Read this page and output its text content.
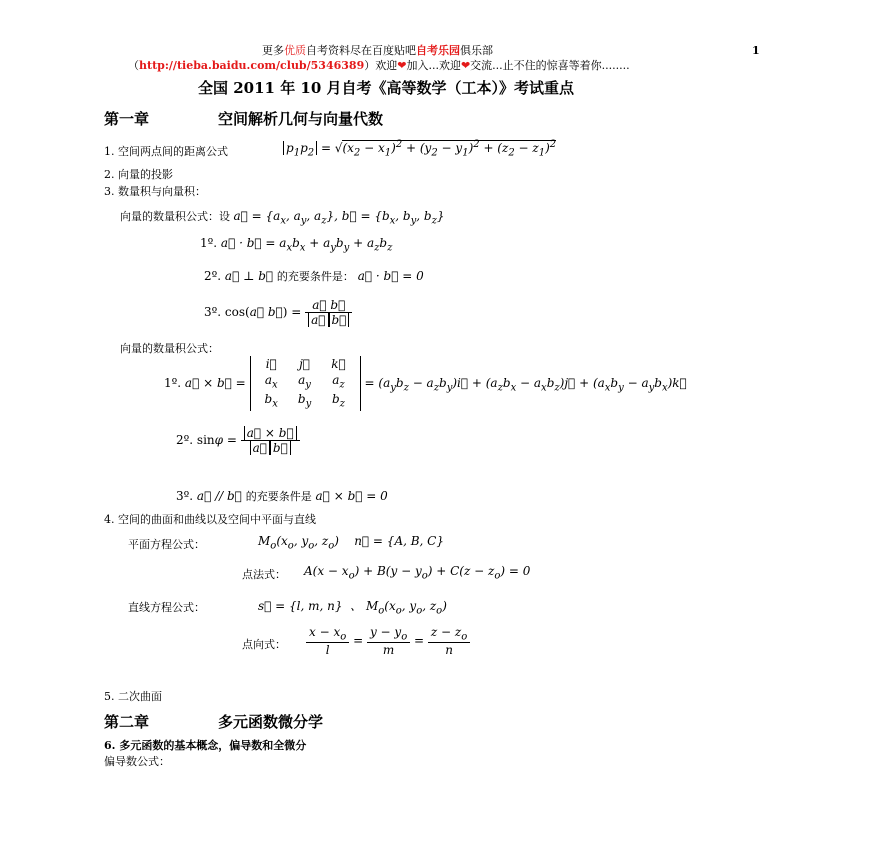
更多优质自考资料尽在百度贴吧自考乐园俱乐部	1
（http://tieba.baidu.com/club/5346389）欢迎❤加入...欢迎❤交流...止不住的惊喜等着你........
全国 2011 年 10 月自考《高等数学（工本）》考试重点
第一章	空间解析几何与向量代数
1. 空间两点间的距离公式	$p_1p_2 = √(x_2 - x_1)^2 + (y_2 - y_1)^2 + (z_2 - z_1)^2$
2. 向量的投影
3. 数量积与向量积：
向量的数量积公式：设 a⃗ = {$a_x$, $a_y$, $a_z$}, b⃗ = {$b_x$, $b_y$, $b_z$}
1º. a⃗ · b⃗ = $a_xb_x + a_yb_y + a_zb_z$
2º. a⃗ ⊥ b⃗ 的充要条件是： a⃗ · b⃗ = 0
3º. cos(a⃗ b⃗) = $\frac{a⃗ b⃗}{a⃗ b⃗}$
向量的数量积公式：
1º. a⃗ × b⃗ =
i⃗	j⃗	k⃗
$a_x$	$a_y$	$a_z$
$b_x$	$b_y$	$b_z$
= ($a_yb_z$ − $a_zb_y)i⃗ + (a_zb_x$ − $a_xb_z)j⃗ + (a_xb_y$ − $a_yb_x)k⃗$
2º. $\sin\varphi = \frac{a⃗ \times b⃗}{a⃗ b⃗}$
3º. a⃗ // b⃗ 的充要条件是 a⃗ × b⃗ = 0
4. 空间的曲面和曲线以及空间中平面与直线
平面方程公式：	$M_o(x_o$, $y_o$, $z_o$)    n⃗ = {A, B, C}
点法式： $A(x - x_o) + B(y - y_o) + C(z - z_o) = 0$
直线方程公式：	s⃗ = {l, m, n}  、 $M_o(x_o$, $y_o$, $z_o$)
点向式： $\frac{x - x_o}{l} = \frac{y - y_o}{m} = \frac{z - z_o}{n}$
5. 二次曲面
第二章	多元函数微分学
6. 多元函数的基本概念，偏导数和全微分
偏导数公式：
